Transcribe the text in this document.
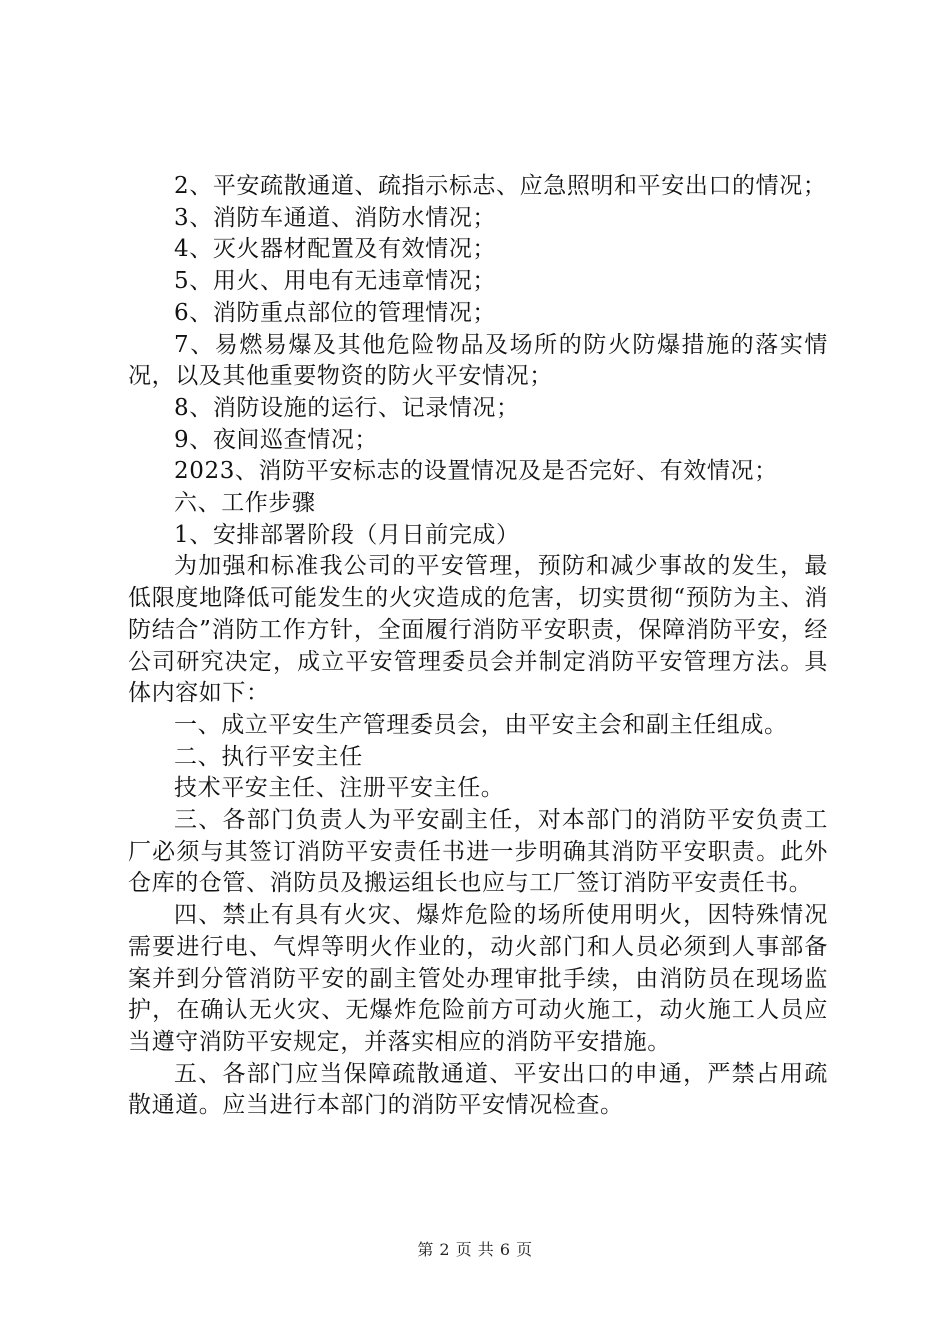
2、平安疏散通道、疏指示标志、应急照明和平安出口的情况；

3、消防车通道、消防水情况；

4、灭火器材配置及有效情况；

5、用火、用电有无违章情况；

6、消防重点部位的管理情况；

7、易燃易爆及其他危险物品及场所的防火防爆措施的落实情况，以及其他重要物资的防火平安情况；

8、消防设施的运行、记录情况；

9、夜间巡查情况；

2023、消防平安标志的设置情况及是否完好、有效情况；

六、工作步骤

1、安排部署阶段（月日前完成）

为加强和标准我公司的平安管理，预防和减少事故的发生，最低限度地降低可能发生的火灾造成的危害，切实贯彻“预防为主、消防结合”消防工作方针，全面履行消防平安职责，保障消防平安，经公司研究决定，成立平安管理委员会并制定消防平安管理方法。具体内容如下：

一、成立平安生产管理委员会，由平安主会和副主任组成。

二、执行平安主任

技术平安主任、注册平安主任。

三、各部门负责人为平安副主任，对本部门的消防平安负责工厂必须与其签订消防平安责任书进一步明确其消防平安职责。此外仓库的仓管、消防员及搬运组长也应与工厂签订消防平安责任书。

四、禁止有具有火灾、爆炸危险的场所使用明火，因特殊情况需要进行电、气焊等明火作业的，动火部门和人员必须到人事部备案并到分管消防平安的副主管处办理审批手续，由消防员在现场监护，在确认无火灾、无爆炸危险前方可动火施工，动火施工人员应当遵守消防平安规定，并落实相应的消防平安措施。

五、各部门应当保障疏散通道、平安出口的申通，严禁占用疏散通道。应当进行本部门的消防平安情况检查。

第 2 页 共 6 页
